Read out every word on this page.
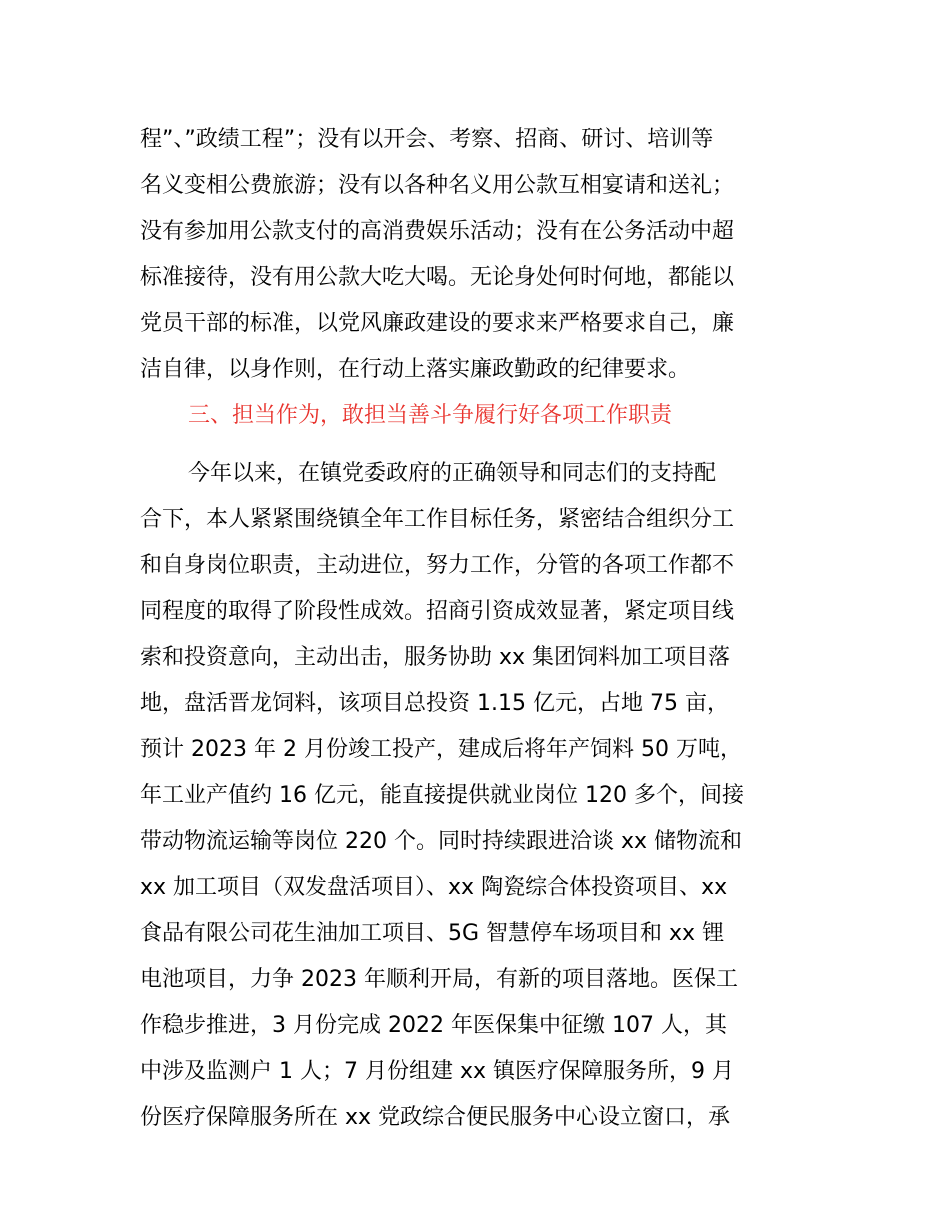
程”、”政绩工程”；没有以开会、考察、招商、研讨、培训等
名义变相公费旅游；没有以各种名义用公款互相宴请和送礼；
没有参加用公款支付的高消费娱乐活动；没有在公务活动中超
标准接待，没有用公款大吃大喝。无论身处何时何地，都能以
党员干部的标准，以党风廉政建设的要求来严格要求自己，廉
洁自律，以身作则，在行动上落实廉政勤政的纪律要求。
三、担当作为，敢担当善斗争履行好各项工作职责
今年以来，在镇党委政府的正确领导和同志们的支持配
合下，本人紧紧围绕镇全年工作目标任务，紧密结合组织分工
和自身岗位职责，主动进位，努力工作，分管的各项工作都不
同程度的取得了阶段性成效。招商引资成效显著，紧定项目线
索和投资意向，主动出击，服务协助 xx 集团饲料加工项目落
地，盘活晋龙饲料，该项目总投资 1.15 亿元，占地 75 亩，
预计 2023 年 2 月份竣工投产，建成后将年产饲料 50 万吨，
年工业产值约 16 亿元，能直接提供就业岗位 120 多个，间接
带动物流运输等岗位 220 个。同时持续跟进洽谈 xx 储物流和
xx 加工项目（双发盘活项目）、xx 陶瓷综合体投资项目、xx
食品有限公司花生油加工项目、5G 智慧停车场项目和 xx 锂
电池项目，力争 2023 年顺利开局，有新的项目落地。医保工
作稳步推进，3 月份完成 2022 年医保集中征缴 107 人，其
中涉及监测户 1 人；7 月份组建 xx 镇医疗保障服务所，9 月
份医疗保障服务所在 xx 党政综合便民服务中心设立窗口，承
